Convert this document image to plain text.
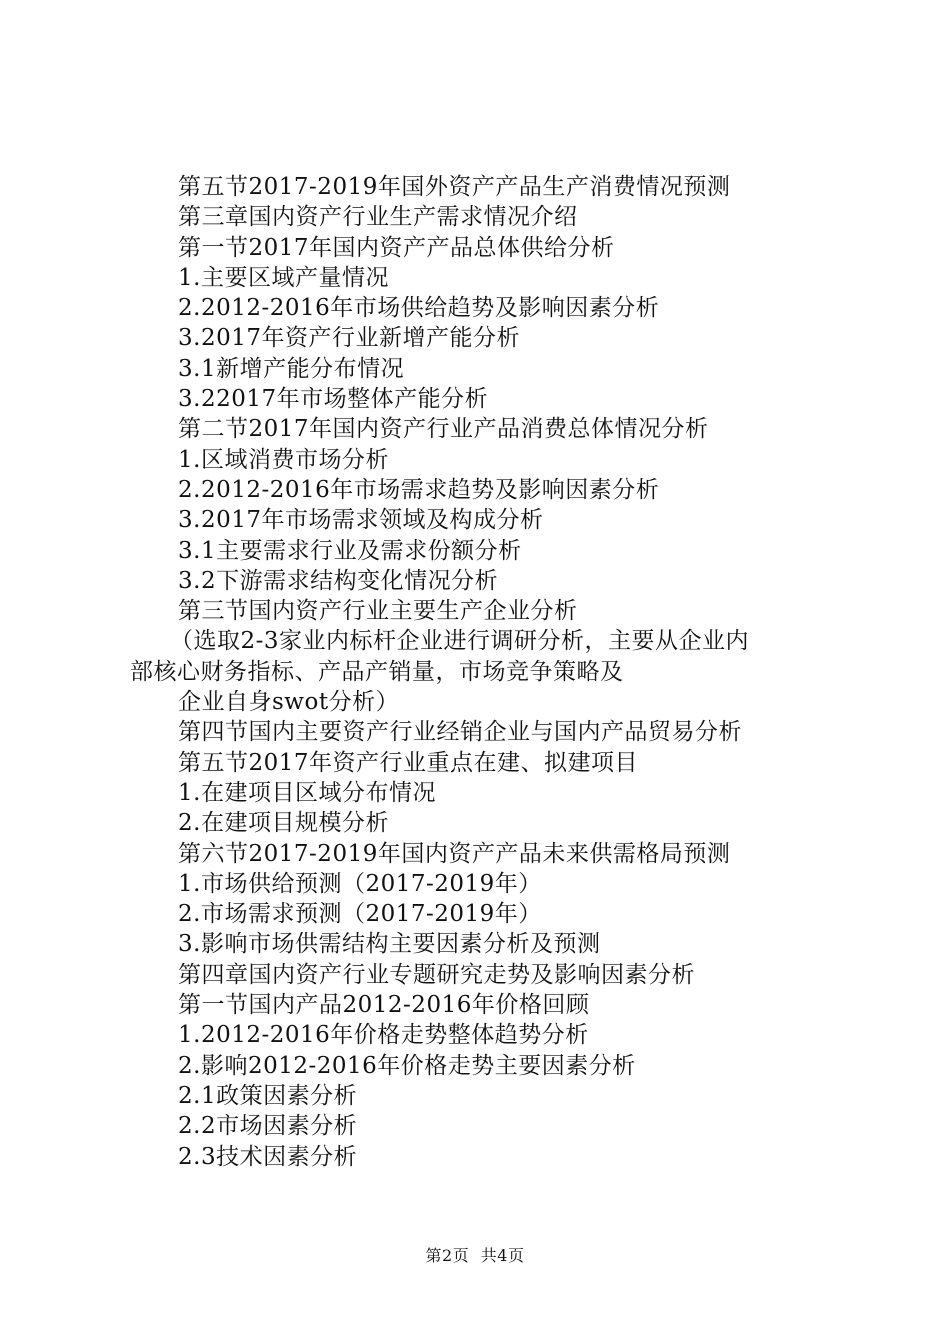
第五节2017-2019年国外资产产品生产消费情况预测
第三章国内资产行业生产需求情况介绍
第一节2017年国内资产产品总体供给分析
1.主要区域产量情况
2.2012-2016年市场供给趋势及影响因素分析
3.2017年资产行业新增产能分析
3.1新增产能分布情况
3.22017年市场整体产能分析
第二节2017年国内资产行业产品消费总体情况分析
1.区域消费市场分析
2.2012-2016年市场需求趋势及影响因素分析
3.2017年市场需求领域及构成分析
3.1主要需求行业及需求份额分析
3.2下游需求结构变化情况分析
第三节国内资产行业主要生产企业分析
（选取2-3家业内标杆企业进行调研分析，主要从企业内
部核心财务指标、产品产销量，市场竞争策略及
企业自身swot分析）
第四节国内主要资产行业经销企业与国内产品贸易分析
第五节2017年资产行业重点在建、拟建项目
1.在建项目区域分布情况
2.在建项目规模分析
第六节2017-2019年国内资产产品未来供需格局预测
1.市场供给预测（2017-2019年）
2.市场需求预测（2017-2019年）
3.影响市场供需结构主要因素分析及预测
第四章国内资产行业专题研究走势及影响因素分析
第一节国内产品2012-2016年价格回顾
1.2012-2016年价格走势整体趋势分析
2.影响2012-2016年价格走势主要因素分析
2.1政策因素分析
2.2市场因素分析
2.3技术因素分析
第2页 共4页
